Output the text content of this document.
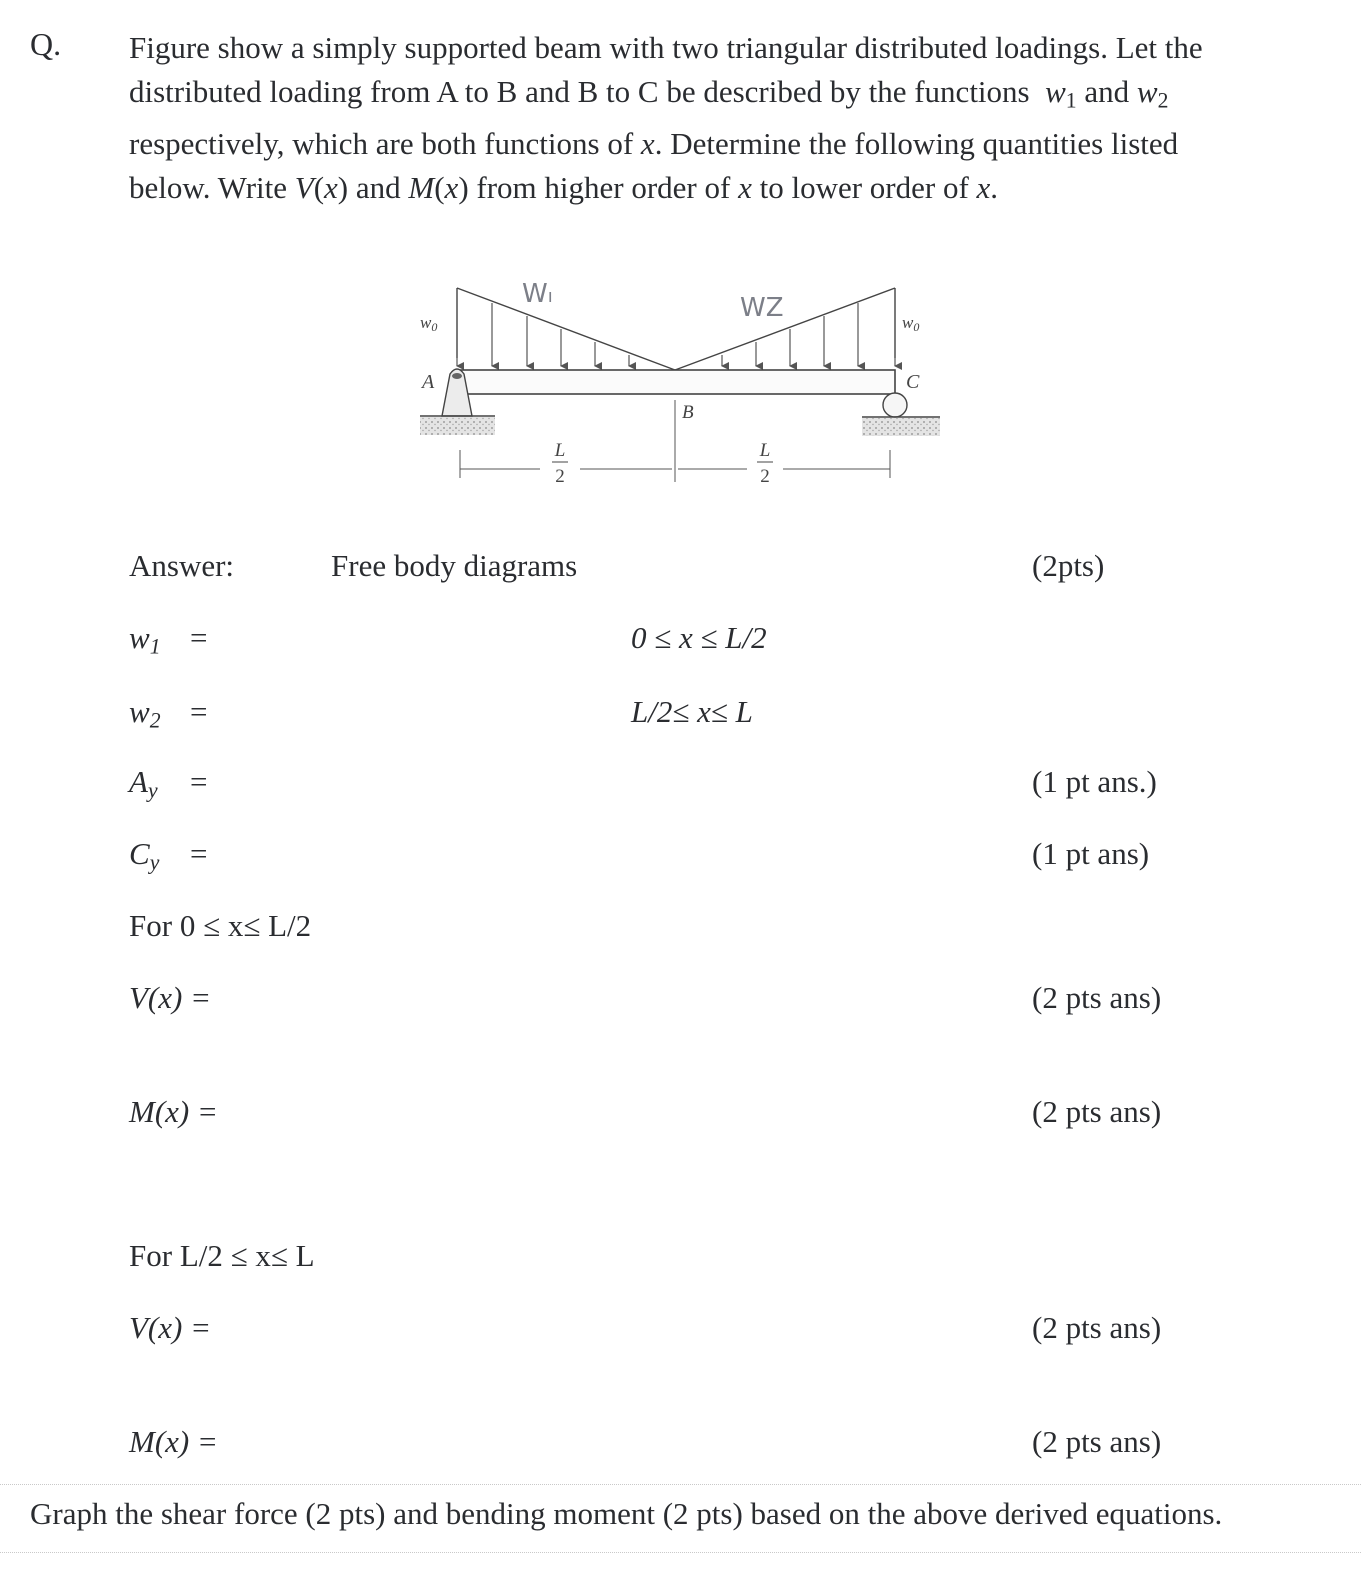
Q. Figure show a simply supported beam with two triangular distributed loadings. Let the
distributed loading from A to B and B to C be described by the functions $w_1$ and $w_2$
respectively, which are both functions of x. Determine the following quantities listed
below. Write V(x) and M(x) from higher order of x to lower order of x.
w0	w0
Wı	WZ
A
B
C
L
2
L
2
Answer:	Free body diagrams	(2pts)
$w_1$ =	0 ≤ x ≤ L/2
$w_2$ =	L/2≤ x≤ L
$A_y$ =	(1 pt ans.)
$C_y$ =	(1 pt ans)
For 0 ≤ x≤ L/2
V(x) =	(2 pts ans)
M(x) =	(2 pts ans)
For L/2 ≤ x≤ L
V(x) =	(2 pts ans)
M(x) =	(2 pts ans)
Graph the shear force (2 pts) and bending moment (2 pts) based on the above derived equations.
